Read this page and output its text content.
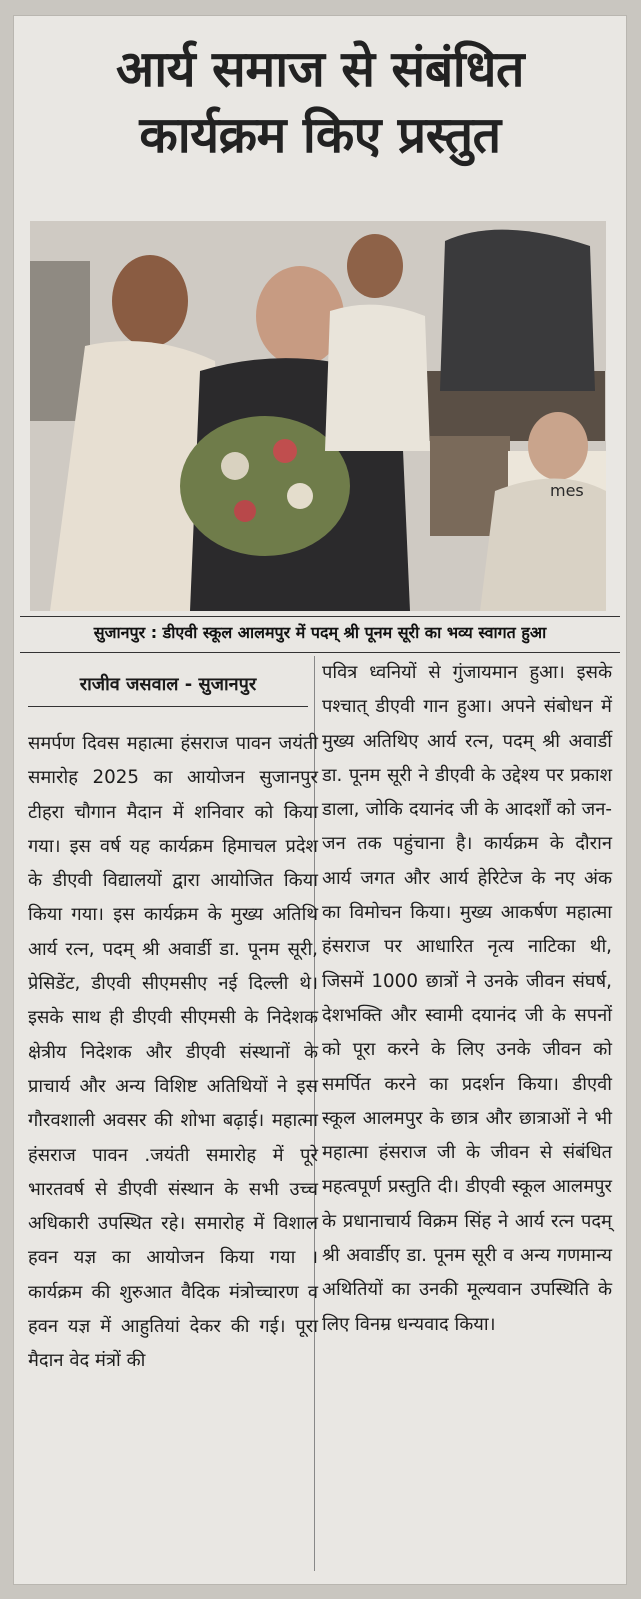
आर्य समाज से संबंधित
कार्यक्रम किए प्रस्तुत
mes
सुजानपुर : डीएवी स्कूल आलमपुर में पदम् श्री पूनम सूरी का भव्य स्वागत हुआ
राजीव जसवाल - सुजानपुर

समर्पण दिवस महात्मा हंसराज पावन जयंती समारोह 2025 का आयोजन सुजानपुर टीहरा चौगान मैदान में शनिवार को किया गया। इस वर्ष यह कार्यक्रम हिमाचल प्रदेश के डीएवी विद्यालयों द्वारा आयोजित किया किया गया। इस कार्यक्रम के मुख्य अतिथि आर्य रत्न, पदम् श्री अवार्डी डा. पूनम सूरी, प्रेसिडेंट, डीएवी सीएमसीए नई दिल्ली थे। इसके साथ ही डीएवी सीएमसी के निदेशक क्षेत्रीय निदेशक और डीएवी संस्थानों के प्राचार्य और अन्य विशिष्ट अतिथियों ने इस गौरवशाली अवसर की शोभा बढ़ाई। महात्मा हंसराज पावन .जयंती समारोह में पूरे भारतवर्ष से डीएवी संस्थान के सभी उच्च अधिकारी उपस्थित रहे। समारोह में विशाल हवन यज्ञ का आयोजन किया गया । कार्यक्रम की शुरुआत वैदिक मंत्रोच्चारण व हवन यज्ञ में आहुतियां देकर की गई। पूरा मैदान वेद मंत्रों की

पवित्र ध्वनियों से गुंजायमान हुआ। इसके पश्चात् डीएवी गान हुआ। अपने संबोधन में मुख्य अतिथिए आर्य रत्न, पदम् श्री अवार्डी डा. पूनम सूरी ने डीएवी के उद्देश्य पर प्रकाश डाला, जोकि दयानंद जी के आदर्शों को जन-जन तक पहुंचाना है। कार्यक्रम के दौरान आर्य जगत और आर्य हेरिटेज के नए अंक का विमोचन किया। मुख्य आकर्षण महात्मा हंसराज पर आधारित नृत्य नाटिका थी, जिसमें 1000 छात्रों ने उनके जीवन संघर्ष, देशभक्ति और स्वामी दयानंद जी के सपनों को पूरा करने के लिए उनके जीवन को समर्पित करने का प्रदर्शन किया। डीएवी स्कूल आलमपुर के छात्र और छात्राओं ने भी महात्मा हंसराज जी के जीवन से संबंधित महत्वपूर्ण प्रस्तुति दी। डीएवी स्कूल आलमपुर के प्रधानाचार्य विक्रम सिंह ने आर्य रत्न पदम् श्री अवार्डीए डा. पूनम सूरी व अन्य गणमान्य अथितियों का उनकी मूल्यवान उपस्थिति के लिए विनम्र धन्यवाद किया।
